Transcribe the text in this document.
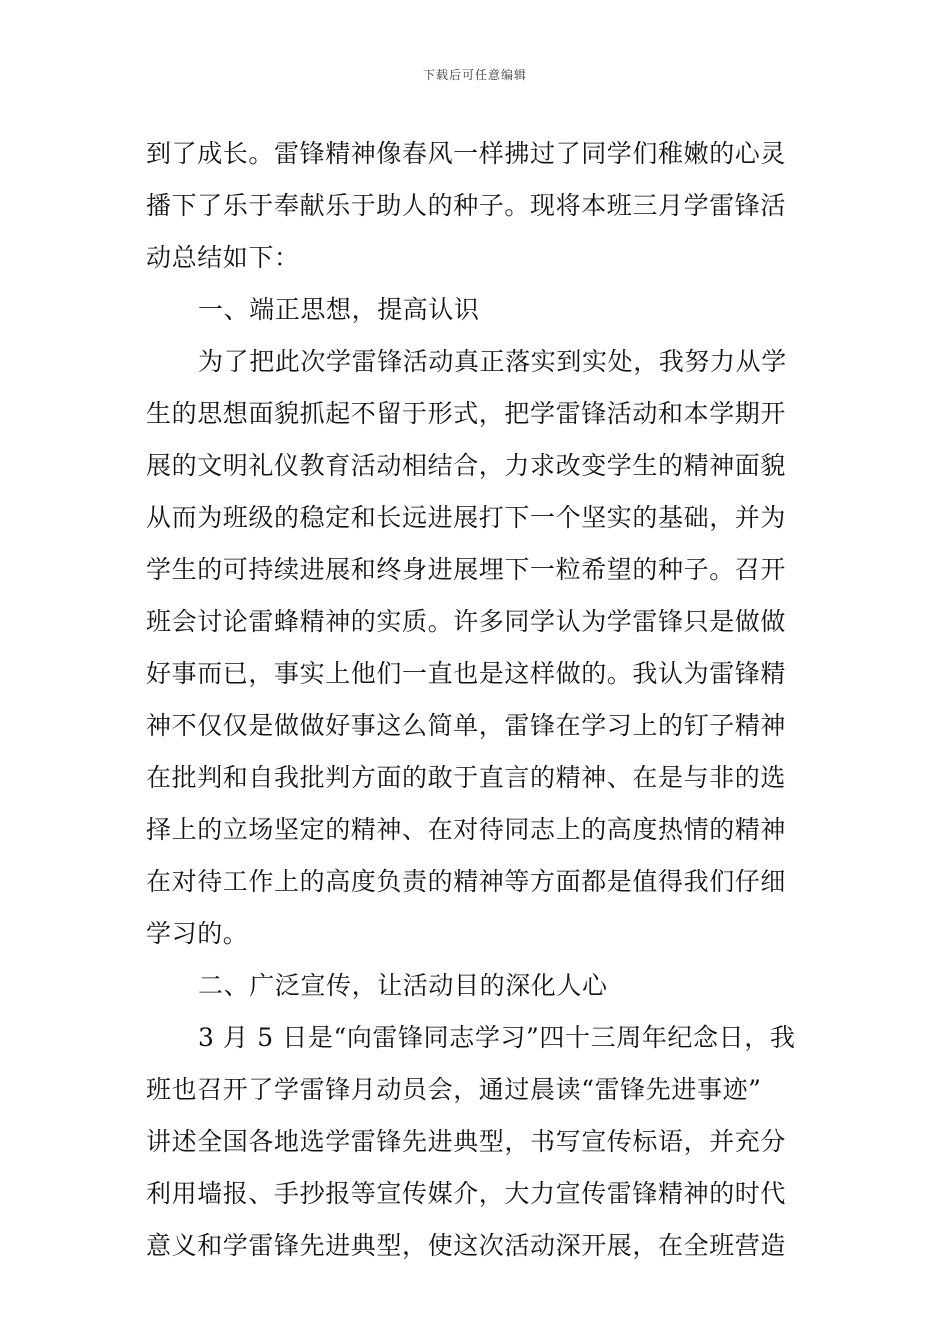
下载后可任意编辑
到了成长。雷锋精神像春风一样拂过了同学们稚嫩的心灵
播下了乐于奉献乐于助人的种子。现将本班三月学雷锋活
动总结如下：
一、端正思想，提高认识
为了把此次学雷锋活动真正落实到实处，我努力从学
生的思想面貌抓起不留于形式，把学雷锋活动和本学期开
展的文明礼仪教育活动相结合，力求改变学生的精神面貌
从而为班级的稳定和长远进展打下一个坚实的基础，并为
学生的可持续进展和终身进展埋下一粒希望的种子。召开
班会讨论雷蜂精神的实质。许多同学认为学雷锋只是做做
好事而已，事实上他们一直也是这样做的。我认为雷锋精
神不仅仅是做做好事这么简单，雷锋在学习上的钉子精神
在批判和自我批判方面的敢于直言的精神、在是与非的选
择上的立场坚定的精神、在对待同志上的高度热情的精神
在对待工作上的高度负责的精神等方面都是值得我们仔细
学习的。
二、广泛宣传，让活动目的深化人心
3 月 5 日是“向雷锋同志学习”四十三周年纪念日，我
班也召开了学雷锋月动员会，通过晨读“雷锋先进事迹”
讲述全国各地选学雷锋先进典型，书写宣传标语，并充分
利用墙报、手抄报等宣传媒介，大力宣传雷锋精神的时代
意义和学雷锋先进典型，使这次活动深开展，在全班营造
